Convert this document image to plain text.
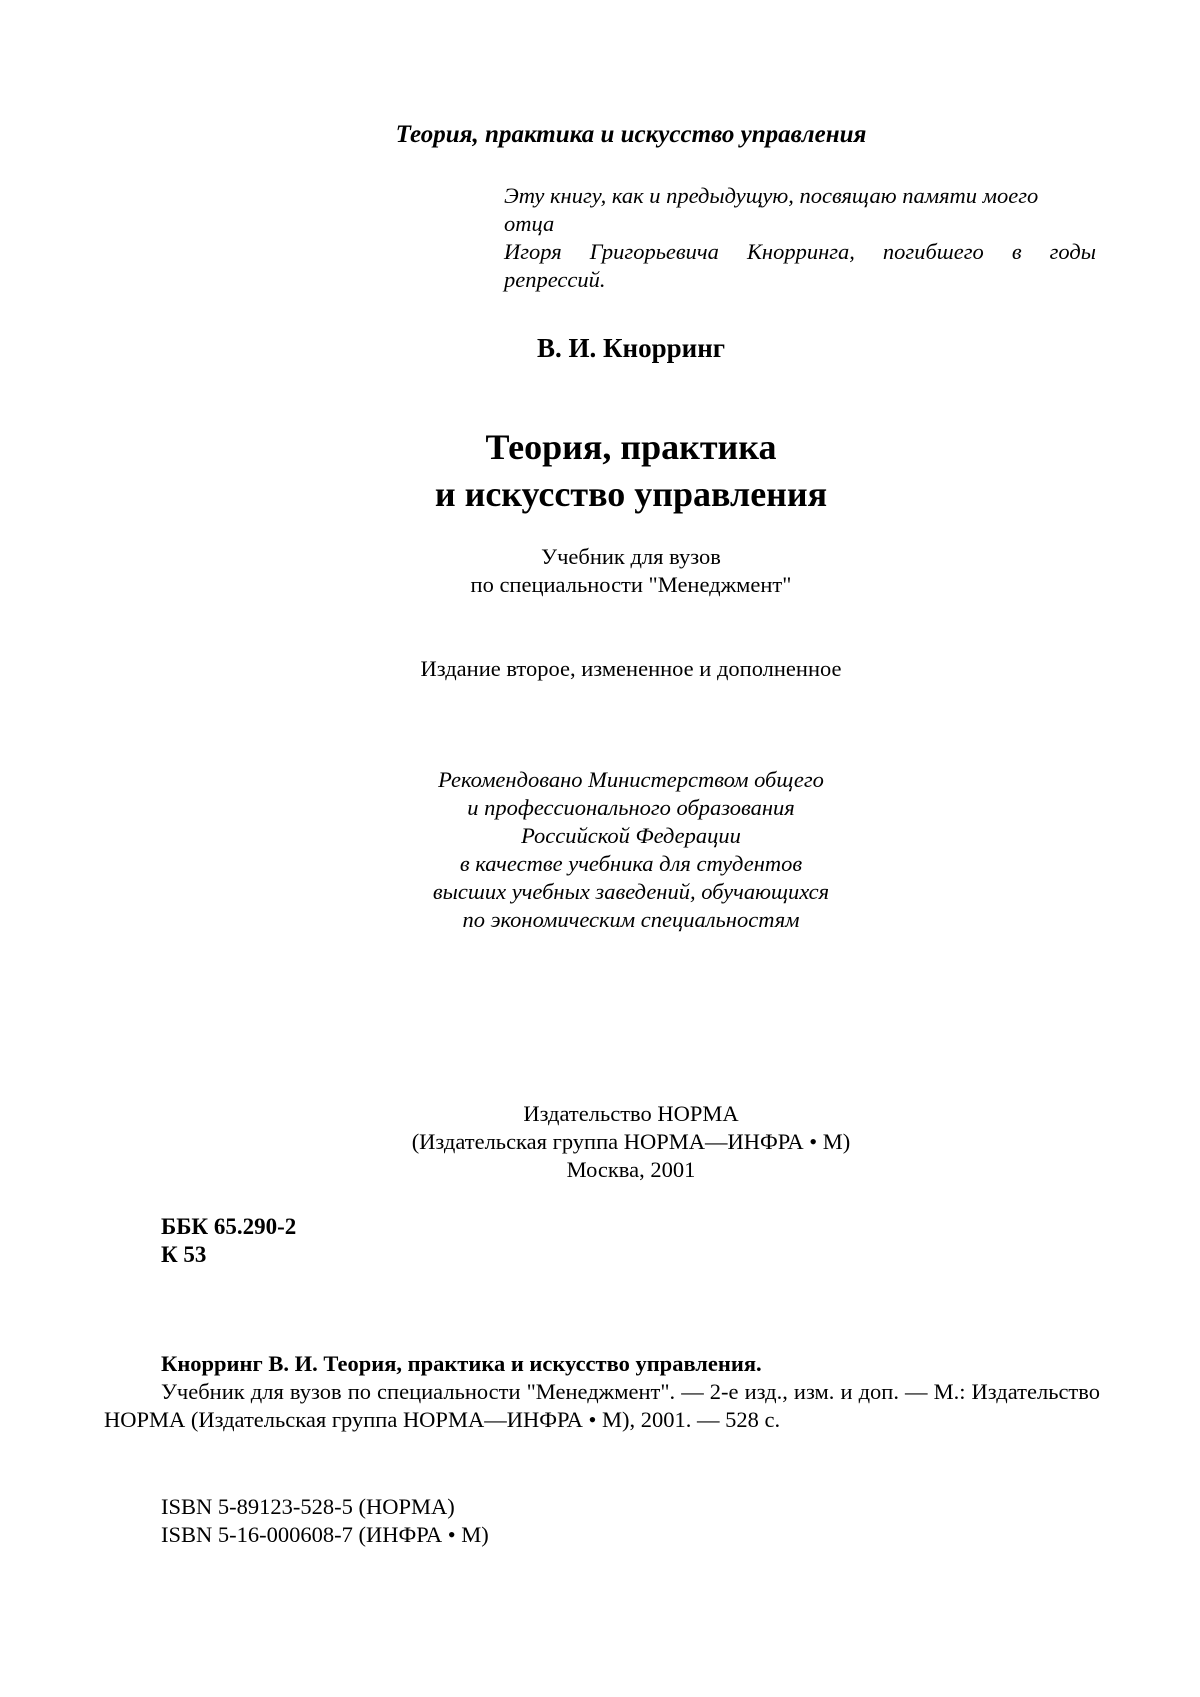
Теория, практика и искусство управления

Эту книгу, как и предыдущую, посвящаю памяти моего
отца
Игоря Григорьевича Кнорринга, погибшего в годы
репрессий.

В. И. Кнорринг

Теория, практика
и искусство управления
Учебник для вузов
по специальности "Менеджмент"

Издание второе, измененное и дополненное

Рекомендовано Министерством общего
и профессионального образования
Российской Федерации
в качестве учебника для студентов
высших учебных заведений, обучающихся
по экономическим специальностям
Издательство НОРМА
(Издательская группа НОРМА—ИНФРА • М)
Москва, 2001
ББК 65.290-2
К 53
Кнорринг В. И. Теория, практика и искусство управления.
Учебник для вузов по специальности "Менеджмент". — 2-е изд., изм. и доп. — М.: Издательство НОРМА (Издательская группа НОРМА—ИНФРА • М), 2001. — 528 с.
ISBN 5-89123-528-5 (НОРМА)
ISBN 5-16-000608-7 (ИНФРА • М)
